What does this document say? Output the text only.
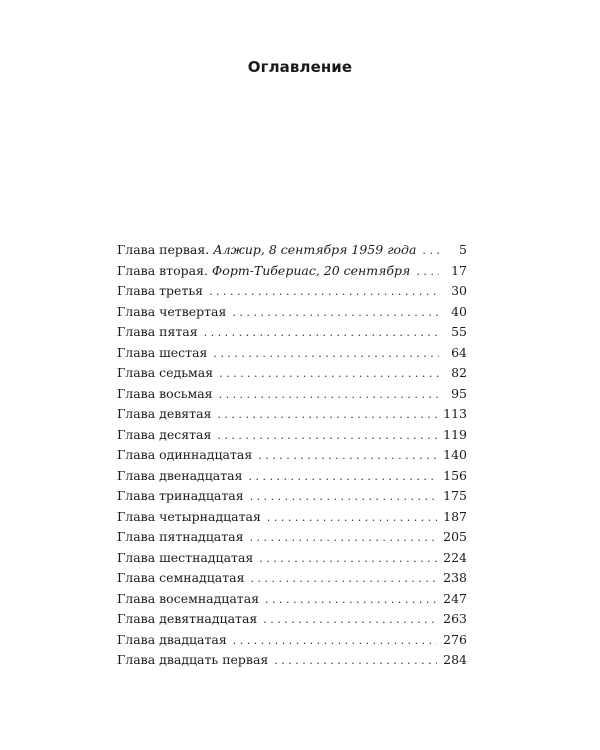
Оглавление
Глава первая. Алжир, 8 сентября 1959 года . . .	5
Глава вторая. Форт-Тибериас, 20 сентября . . .	17
Глава третья . . .	30
Глава четвертая . . .	40
Глава пятая . . .	55
Глава шестая . . .	64
Глава седьмая . . .	82
Глава восьмая . . .	95
Глава девятая . . .	113
Глава десятая . . .	119
Глава одиннадцатая . . .	140
Глава двенадцатая . . .	156
Глава тринадцатая . . .	175
Глава четырнадцатая . . .	187
Глава пятнадцатая . . .	205
Глава шестнадцатая . . .	224
Глава семнадцатая . . .	238
Глава восемнадцатая . . .	247
Глава девятнадцатая . . .	263
Глава двадцатая . . .	276
Глава двадцать первая . . .	284
